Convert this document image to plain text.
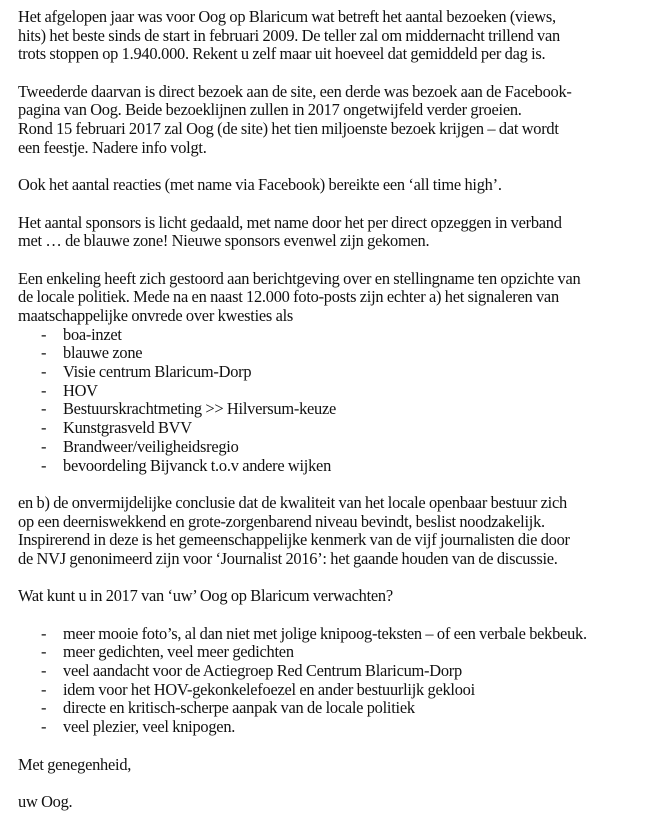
Het afgelopen jaar was voor Oog op Blaricum wat betreft het aantal bezoeken (views,
hits) het beste sinds de start in februari 2009. De teller zal om middernacht trillend van
trots stoppen op 1.940.000. Rekent u zelf maar uit hoeveel dat gemiddeld per dag is.
Tweederde daarvan is direct bezoek aan de site, een derde was bezoek aan de Facebook-
pagina van Oog. Beide bezoeklijnen zullen in 2017 ongetwijfeld verder groeien.
Rond 15 februari 2017 zal Oog (de site) het tien miljoenste bezoek krijgen – dat wordt
een feestje. Nadere info volgt.
Ook het aantal reacties (met name via Facebook) bereikte een ‘all time high’.
Het aantal sponsors is licht gedaald, met name door het per direct opzeggen in verband
met … de blauwe zone! Nieuwe sponsors evenwel zijn gekomen.
Een enkeling heeft zich gestoord aan berichtgeving over en stellingname ten opzichte van
de locale politiek. Mede na en naast 12.000 foto-posts zijn echter a) het signaleren van
maatschappelijke onvrede over kwesties als
- boa-inzet
- blauwe zone
- Visie centrum Blaricum-Dorp
- HOV
- Bestuurskrachtmeting >> Hilversum-keuze
- Kunstgrasveld BVV
- Brandweer/veiligheidsregio
- bevoordeling Bijvanck t.o.v andere wijken
en b) de onvermijdelijke conclusie dat de kwaliteit van het locale openbaar bestuur zich
op een deerniswekkend en grote-zorgenbarend niveau bevindt, beslist noodzakelijk.
Inspirerend in deze is het gemeenschappelijke kenmerk van de vijf journalisten die door
de NVJ genonimeerd zijn voor ‘Journalist 2016’: het gaande houden van de discussie.
Wat kunt u in 2017 van ‘uw’ Oog op Blaricum verwachten?
- meer mooie foto’s, al dan niet met jolige knipoog-teksten – of een verbale bekbeuk.
- meer gedichten, veel meer gedichten
- veel aandacht voor de Actiegroep Red Centrum Blaricum-Dorp
- idem voor het HOV-gekonkelefoezel en ander bestuurlijk geklooi
- directe en kritisch-scherpe aanpak van de locale politiek
- veel plezier, veel knipogen.
Met genegenheid,
uw Oog.
